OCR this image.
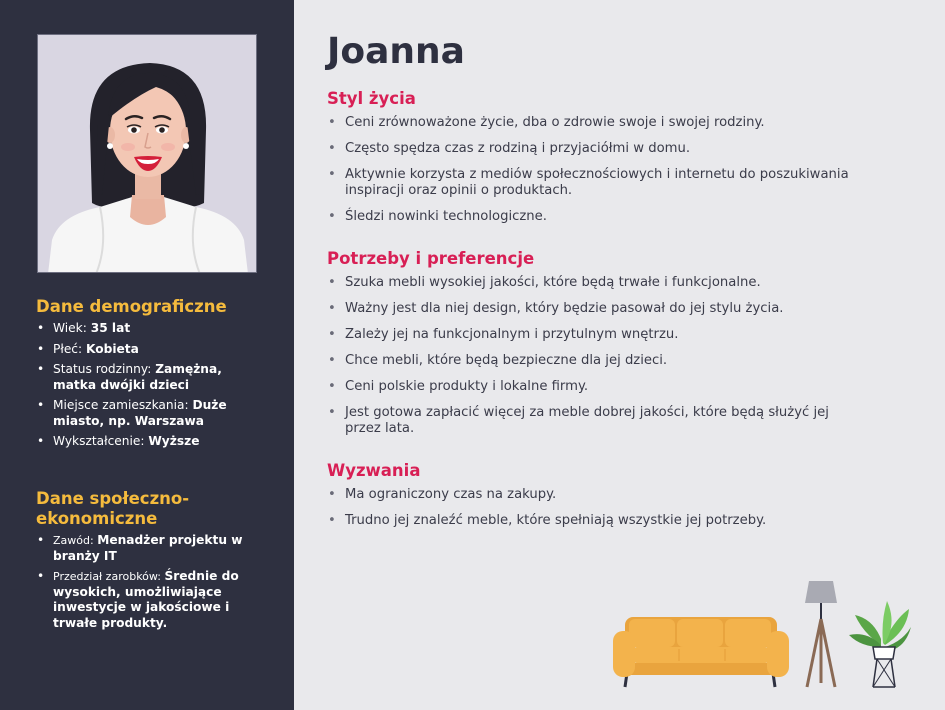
Dane demograficzne
• Wiek: 35 lat
• Płeć: Kobieta
• Status rodzinny: Zamężna, matka dwójki dzieci
• Miejsce zamieszkania: Duże miasto, np. Warszawa
• Wykształcenie: Wyższe
Dane społeczno-ekonomiczne
• Zawód: Menadżer projektu w branży IT
• Przedział zarobków: Średnie do wysokich, umożliwiające inwestycje w jakościowe i trwałe produkty.
Joanna
Styl życia
• Ceni zrównoważone życie, dba o zdrowie swoje i swojej rodziny.
• Często spędza czas z rodziną i przyjaciółmi w domu.
• Aktywnie korzysta z mediów społecznościowych i internetu do poszukiwania inspiracji oraz opinii o produktach.
• Śledzi nowinki technologiczne.
Potrzeby i preferencje
• Szuka mebli wysokiej jakości, które będą trwałe i funkcjonalne.
• Ważny jest dla niej design, który będzie pasował do jej stylu życia.
• Zależy jej na funkcjonalnym i przytulnym wnętrzu.
• Chce mebli, które będą bezpieczne dla jej dzieci.
• Ceni polskie produkty i lokalne firmy.
• Jest gotowa zapłacić więcej za meble dobrej jakości, które będą służyć jej przez lata.
Wyzwania
• Ma ograniczony czas na zakupy.
• Trudno jej znaleźć meble, które spełniają wszystkie jej potrzeby.
